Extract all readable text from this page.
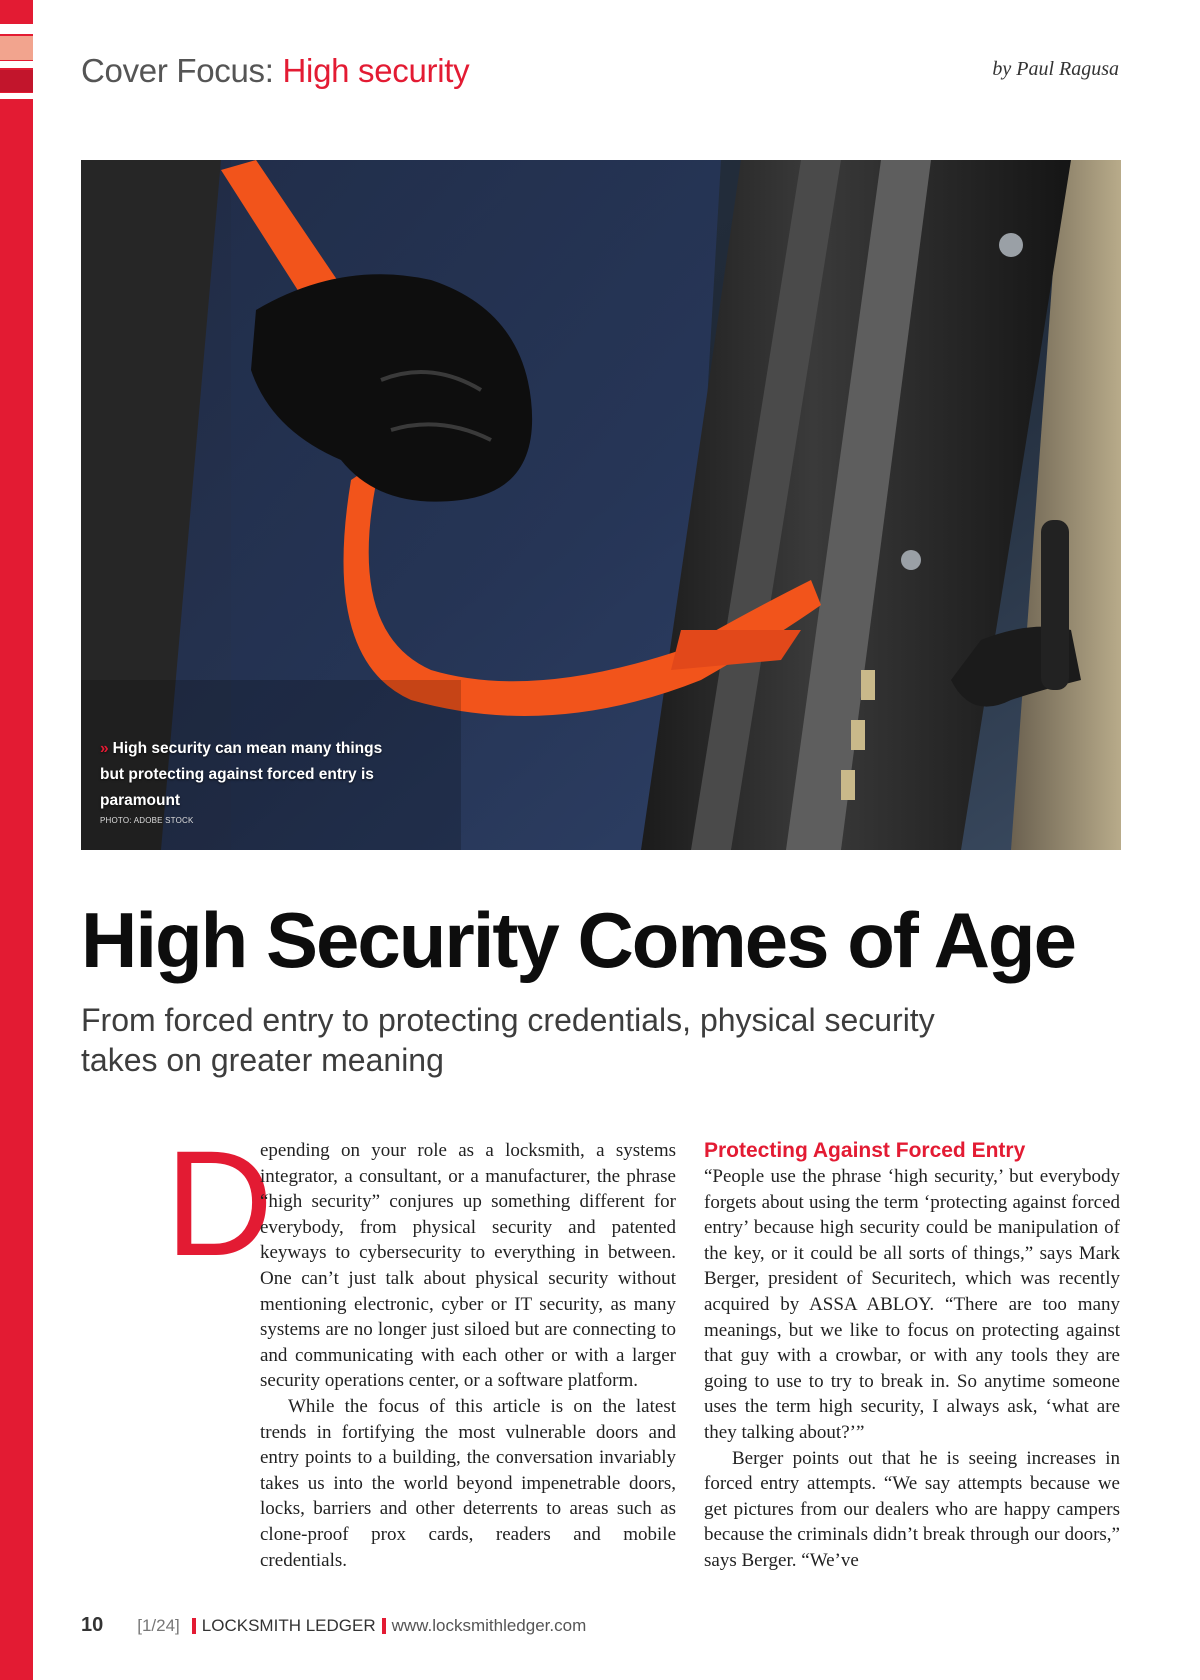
Cover Focus: High security	by Paul Ragusa
» High security can mean many things but protecting against forced entry is paramount
PHOTO: ADOBE STOCK
High Security Comes of Age
From forced entry to protecting credentials, physical security takes on greater meaning
D

epending on your role as a locksmith, a systems integrator, a consultant, or a manufacturer, the phrase “high security” conjures up something different for everybody, from physical security and patented keyways to cybersecurity to everything in between. One can’t just talk about physical security without mentioning electronic, cyber or IT security, as many systems are no longer just siloed but are connecting to and communicating with each other or with a larger security operations center, or a software platform.

While the focus of this article is on the latest trends in fortifying the most vulnerable doors and entry points to a building, the conversation invariably takes us into the world beyond impenetrable doors, locks, barriers and other deterrents to areas such as clone-proof prox cards, readers and mobile credentials.

Protecting Against Forced Entry

“People use the phrase ‘high security,’ but everybody forgets about using the term ‘protecting against forced entry’ because high security could be manipulation of the key, or it could be all sorts of things,” says Mark Berger, president of Securitech, which was recently acquired by ASSA ABLOY. “There are too many meanings, but we like to focus on protecting against that guy with a crowbar, or with any tools they are going to use to try to break in. So anytime someone uses the term high security, I always ask, ‘what are they talking about?’”

Berger points out that he is seeing increases in forced entry attempts. “We say attempts because we get pictures from our dealers who are happy campers because the criminals didn’t break through our doors,” says Berger. “We’ve

10 [1/24] LOCKSMITH LEDGER www.locksmithledger.com
